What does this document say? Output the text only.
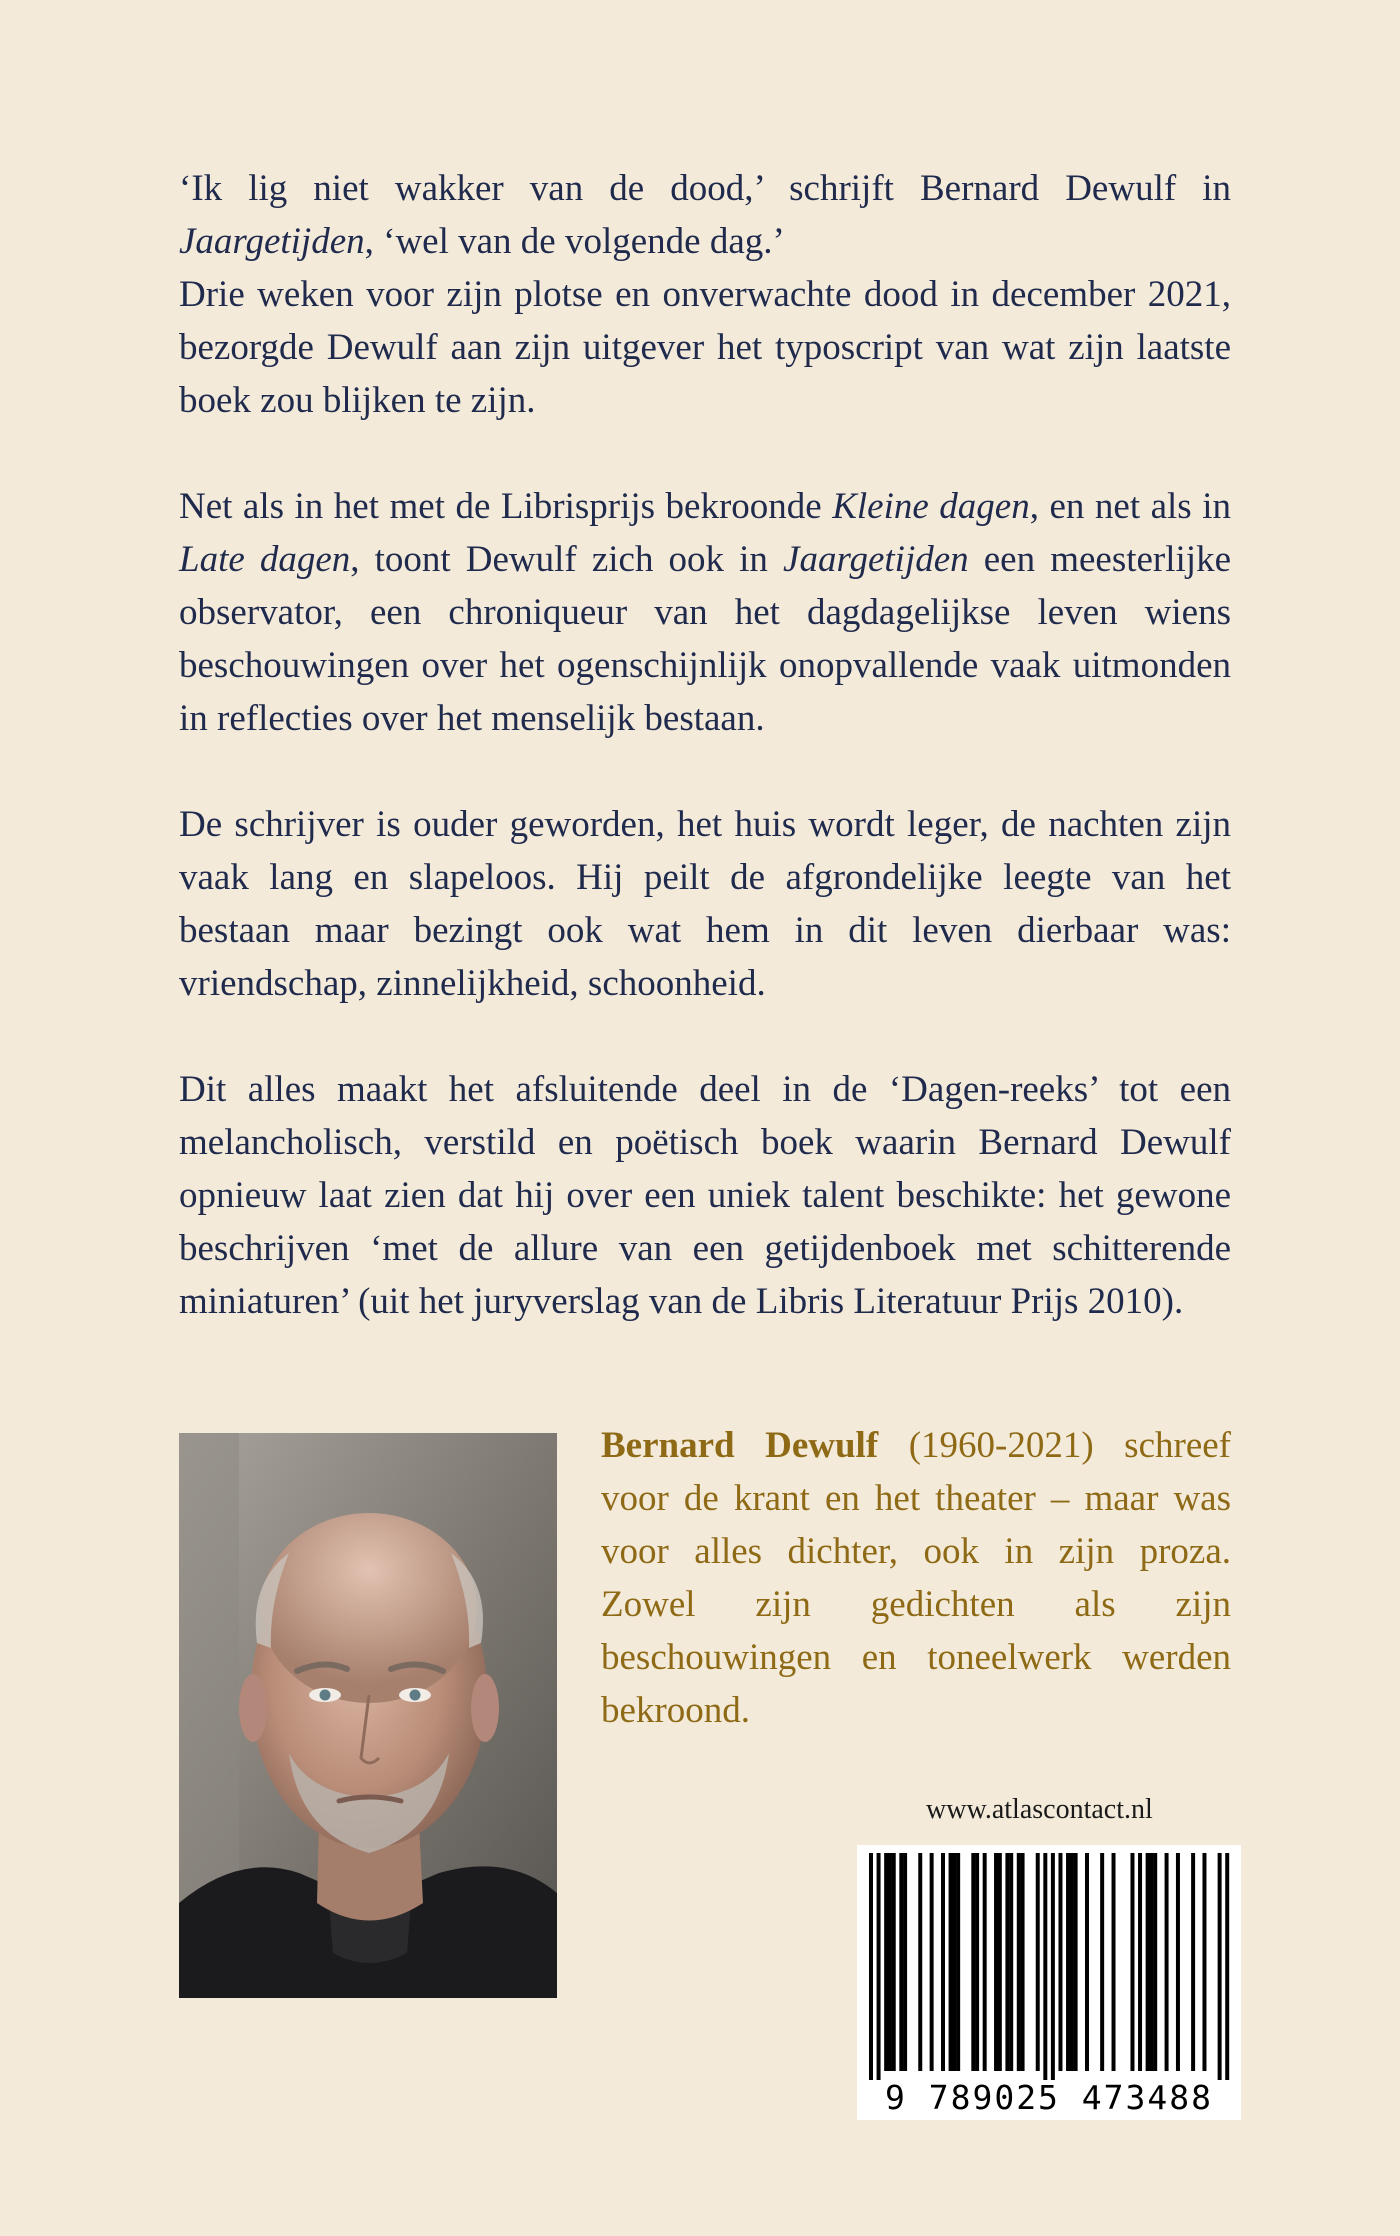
‘Ik lig niet wakker van de dood,’ schrijft Bernard Dewulf in Jaargetijden, ‘wel van de volgende dag.’

Drie weken voor zijn plotse en onverwachte dood in december 2021, bezorgde Dewulf aan zijn uitgever het typoscript van wat zijn laatste boek zou blijken te zijn.

Net als in het met de Librisprijs bekroonde Kleine dagen, en net als in Late dagen, toont Dewulf zich ook in Jaargetijden een meesterlijke observator, een chroniqueur van het dagdagelijkse leven wiens beschouwingen over het ogenschijnlijk onopvallende vaak uitmonden in reflecties over het menselijk bestaan.

De schrijver is ouder geworden, het huis wordt leger, de nachten zijn vaak lang en slapeloos. Hij peilt de afgrondelijke leegte van het bestaan maar bezingt ook wat hem in dit leven dierbaar was: vriendschap, zinnelijkheid, schoonheid.

Dit alles maakt het afsluitende deel in de ‘Dagen-reeks’ tot een melancholisch, verstild en poëtisch boek waarin Bernard Dewulf opnieuw laat zien dat hij over een uniek talent beschikte: het gewone beschrijven ‘met de allure van een getijdenboek met schitterende miniaturen’ (uit het juryverslag van de Libris Literatuur Prijs 2010).

Bernard Dewulf (1960-2021) schreef voor de krant en het theater – maar was voor alles dichter, ook in zijn proza. Zowel zijn gedichten als zijn beschouwingen en toneelwerk werden bekroond.
www.atlascontact.nl
9 789025 473488
